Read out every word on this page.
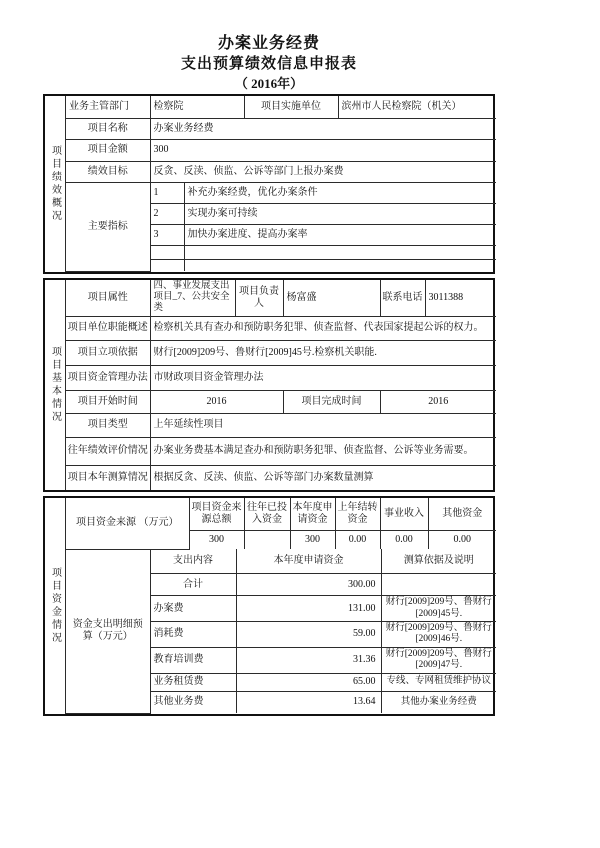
办案业务经费
支出预算绩效信息申报表
（ 2016年）
项目绩效概况
业务主管部门	检察院		项目实施单位	滨州市人民检察院（机关）
项目名称	办案业务经费			
项目金额	300			
绩效目标	反贪、反渎、侦监、公诉等部门上报办案费			
主要指标	1	补充办案经费，优化办案条件		
	2	实现办案可持续		
	3	加快办案进度、提高办案率		

项目基本情况
项目属性	四、事业发展支出项目_7、公共安全类	项目负责人	杨富盛	联系电话	3011388
项目单位职能概述	检察机关具有查办和预防职务犯罪、侦查监督、代表国家提起公诉的权力。				
项目立项依据	财行[2009]209号、鲁财行[2009]45号.检察机关职能.				
项目资金管理办法	市财政项目资金管理办法				
项目开始时间	2016		项目完成时间	2016	
项目类型	上年延续性项目				
往年绩效评价情况	办案业务费基本满足查办和预防职务犯罪、侦查监督、公诉等业务需要。				
项目本年测算情况	根据反贪、反渎、侦监、公诉等部门办案数量测算				
项目资金情况
项目资金来源 （万元）	项目资金来源总额	往年已投入资金	本年度申请资金	上年结转资金	事业收入	其他资金
	300		300	0.00	0.00	0.00
资金支出明细预算（万元）	支出内容	本年度申请资金	测算依据及说明
	合计	300.00	
	办案费	131.00	财行[2009]209号、鲁财行[2009]45号.
	消耗费	59.00	财行[2009]209号、鲁财行[2009]46号.
	教育培训费	31.36	财行[2009]209号、鲁财行[2009]47号.
	业务租赁费	65.00	专线、专网租赁维护协议
	其他业务费	13.64	其他办案业务经费
